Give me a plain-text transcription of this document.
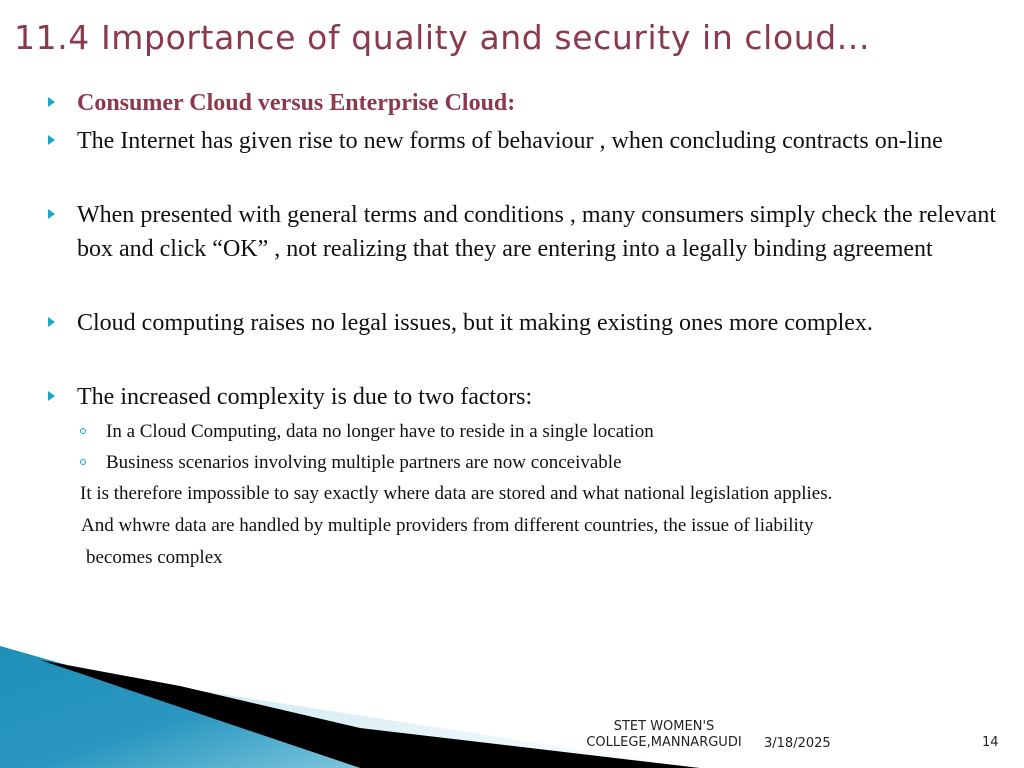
11.4 Importance of quality and security in cloud...
Consumer Cloud versus Enterprise Cloud:
The Internet has given rise to new forms of behaviour , when concluding contracts on-line
When presented with general terms and conditions , many consumers simply check the relevant box and click “OK” , not realizing that they are entering into a legally binding agreement
Cloud computing raises no legal issues, but it making existing ones more complex.
The increased complexity is due to two factors:
In a Cloud Computing, data no longer have to reside in a single location
Business scenarios involving multiple partners are now conceivable
It is therefore impossible to say exactly where data are stored and what national legislation applies.
And whwre data are handled by multiple providers from different countries, the issue of liability
becomes complex
STET WOMEN'S
COLLEGE,MANNARGUDI	3/18/2025	14
